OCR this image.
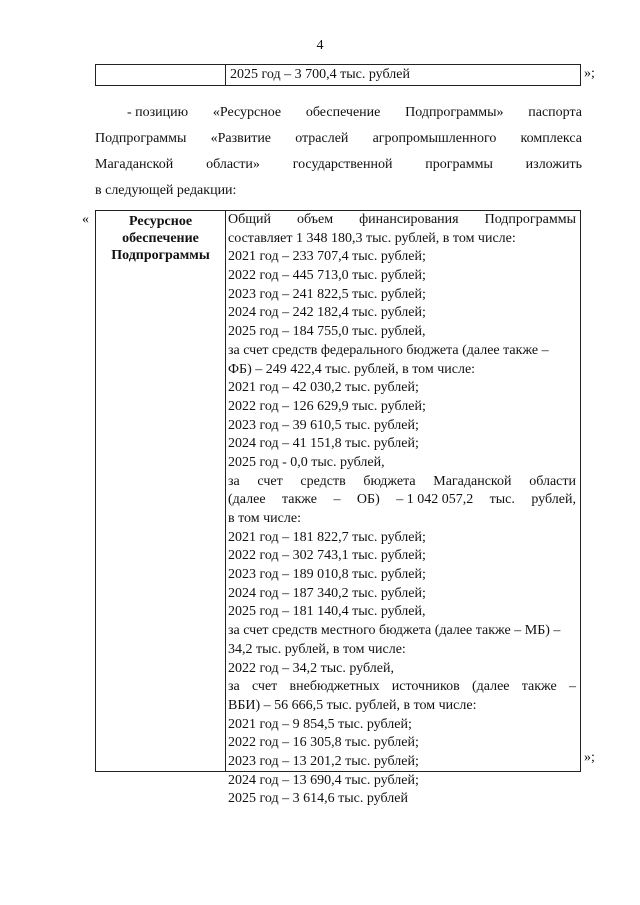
4
2025 год – 3 700,4 тыс. рублей	»;
- позицию «Ресурсное обеспечение Подпрограммы» паспорта
Подпрограммы «Развитие отраслей агропромышленного комплекса
Магаданской области» государственной программы изложить
в следующей редакции:
«	Ресурсное
обеспечение
Подпрограммы
Общий объем финансирования Подпрограммы
составляет 1 348 180,3 тыс. рублей, в том числе:
2021 год – 233 707,4 тыс. рублей;
2022 год – 445 713,0 тыс. рублей;
2023 год – 241 822,5 тыс. рублей;
2024 год – 242 182,4 тыс. рублей;
2025 год – 184 755,0 тыс. рублей,
за счет средств федерального бюджета (далее также –
ФБ) – 249 422,4 тыс. рублей, в том числе:
2021 год – 42 030,2 тыс. рублей;
2022 год – 126 629,9 тыс. рублей;
2023 год – 39 610,5 тыс. рублей;
2024 год – 41 151,8 тыс. рублей;
2025 год - 0,0 тыс. рублей,
за счет средств бюджета Магаданской области
(далее также – ОБ) – 1 042 057,2 тыс. рублей,
в том числе:
2021 год – 181 822,7 тыс. рублей;
2022 год – 302 743,1 тыс. рублей;
2023 год – 189 010,8 тыс. рублей;
2024 год – 187 340,2 тыс. рублей;
2025 год – 181 140,4 тыс. рублей,
за счет средств местного бюджета (далее также – МБ) –
34,2 тыс. рублей, в том числе:
2022 год – 34,2 тыс. рублей,
за счет внебюджетных источников (далее также –
ВБИ) – 56 666,5 тыс. рублей, в том числе:
2021 год – 9 854,5 тыс. рублей;
2022 год – 16 305,8 тыс. рублей;
2023 год – 13 201,2 тыс. рублей;
2024 год – 13 690,4 тыс. рублей;
2025 год – 3 614,6 тыс. рублей
»;
